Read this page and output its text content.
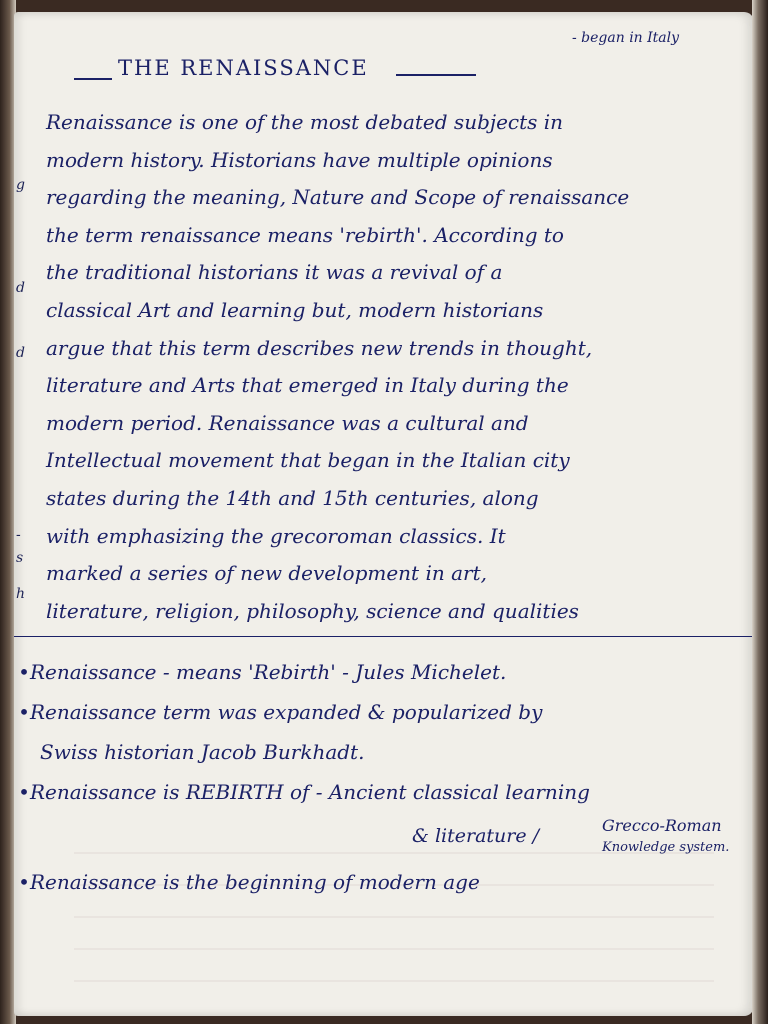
g
d
d
-
s
h
THE RENAISSANCE
- began in Italy
Renaissance is one of the most debated subjects in
modern history. Historians have multiple opinions
regarding the meaning, Nature and Scope of renaissance
the term renaissance means 'rebirth'. According to
the traditional historians it was a revival of a
classical Art and learning but, modern historians
argue that this term describes new trends in thought,
literature and Arts that emerged in Italy during the
modern period. Renaissance was a cultural and
Intellectual movement that began in the Italian city
states during the 14th and 15th centuries, along
with emphasizing the grecoroman classics. It
marked a series of new development in art,
literature, religion, philosophy, science and qualities
•Renaissance - means 'Rebirth' - Jules Michelet.
•Renaissance term was expanded & popularized by
Swiss historian Jacob Burkhadt.
•Renaissance is REBIRTH of - Ancient classical learning
& literature /	Grecco-Roman
Knowledge system.
•Renaissance is the beginning of modern age
